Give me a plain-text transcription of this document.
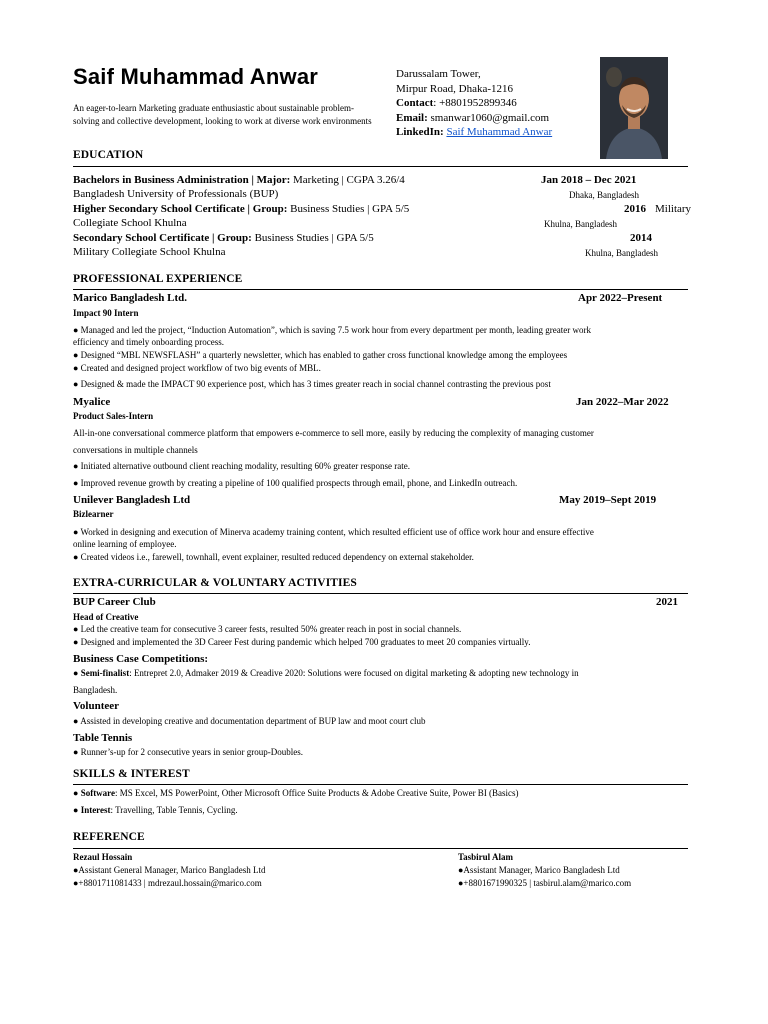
Saif Muhammad Anwar
An eager-to-learn Marketing graduate enthusiastic about sustainable problem-solving and collective development, looking to work at diverse work environments
Darussalam Tower,
Mirpur Road, Dhaka-1216
Contact: +8801952899346
Email: smanwar1060@gmail.com
LinkedIn: Saif Muhammad Anwar
EDUCATION
Bachelors in Business Administration | Major: Marketing | CGPA 3.26/4	Jan 2018 – Dec 2021
Bangladesh University of Professionals (BUP)	Dhaka, Bangladesh
Higher Secondary School Certificate | Group: Business Studies | GPA 5/5	2016 Military
Collegiate School Khulna	Khulna, Bangladesh
Secondary School Certificate | Group: Business Studies | GPA 5/5	2014
Military Collegiate School Khulna	Khulna, Bangladesh
PROFESSIONAL EXPERIENCE
Marico Bangladesh Ltd.	Apr 2022–Present
Impact 90 Intern
● Managed and led the project, “Induction Automation”, which is saving 7.5 work hour from every department per month, leading greater work
efficiency and timely onboarding process.
● Designed “MBL NEWSFLASH” a quarterly newsletter, which has enabled to gather cross functional knowledge among the employees
● Created and designed project workflow of two big events of MBL.
● Designed & made the IMPACT 90 experience post, which has 3 times greater reach in social channel contrasting the previous post
Myalice	Jan 2022–Mar 2022
Product Sales-Intern
All-in-one conversational commerce platform that empowers e-commerce to sell more, easily by reducing the complexity of managing customer
conversations in multiple channels
● Initiated alternative outbound client reaching modality, resulting 60% greater response rate.
● Improved revenue growth by creating a pipeline of 100 qualified prospects through email, phone, and LinkedIn outreach.
Unilever Bangladesh Ltd	May 2019–Sept 2019
Bizlearner
● Worked in designing and execution of Minerva academy training content, which resulted efficient use of office work hour and ensure effective
online learning of employee.
● Created videos i.e., farewell, townhall, event explainer, resulted reduced dependency on external stakeholder.
EXTRA-CURRICULAR & VOLUNTARY ACTIVITIES
BUP Career Club	2021
Head of Creative
● Led the creative team for consecutive 3 career fests, resulted 50% greater reach in post in social channels.
● Designed and implemented the 3D Career Fest during pandemic which helped 700 graduates to meet 20 companies virtually.
Business Case Competitions:
● Semi-finalist: Entrepret 2.0, Admaker 2019 & Creadive 2020: Solutions were focused on digital marketing & adopting new technology in
Bangladesh.
Volunteer
● Assisted in developing creative and documentation department of BUP law and moot court club
Table Tennis
● Runner’s-up for 2 consecutive years in senior group-Doubles.
SKILLS & INTEREST
● Software: MS Excel, MS PowerPoint, Other Microsoft Office Suite Products & Adobe Creative Suite, Power BI (Basics)
● Interest: Travelling, Table Tennis, Cycling.
REFERENCE
Rezaul Hossain
●Assistant General Manager, Marico Bangladesh Ltd
●+8801711081433 | mdrezaul.hossain@marico.com
Tasbirul Alam
●Assistant Manager, Marico Bangladesh Ltd
●+8801671990325 | tasbirul.alam@marico.com
